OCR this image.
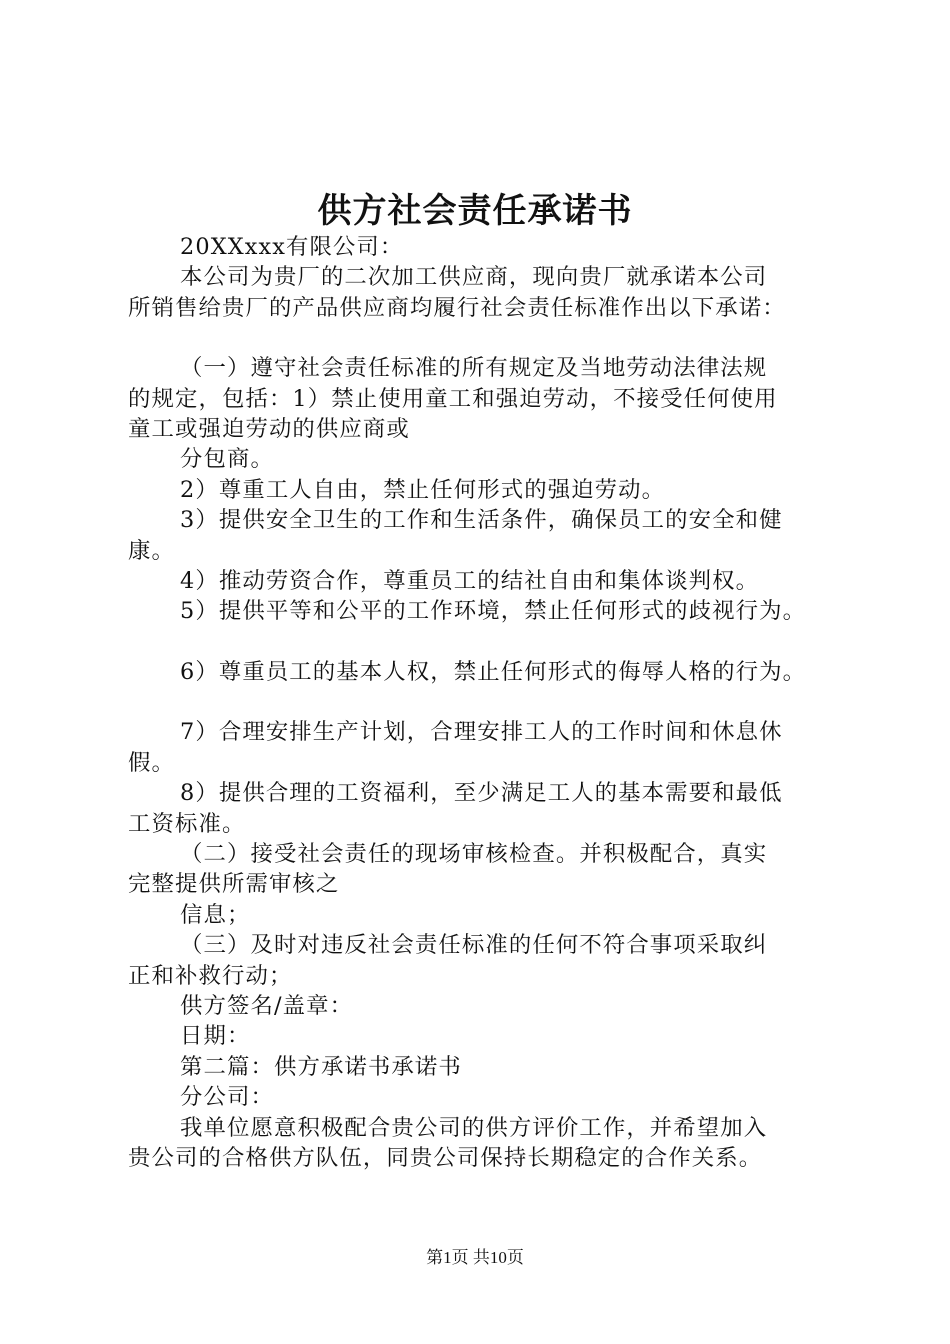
供方社会责任承诺书

20XXxxx有限公司：

本公司为贵厂的二次加工供应商，现向贵厂就承诺本公司

所销售给贵厂的产品供应商均履行社会责任标准作出以下承诺：

（一）遵守社会责任标准的所有规定及当地劳动法律法规

的规定，包括：1）禁止使用童工和强迫劳动，不接受任何使用

童工或强迫劳动的供应商或

分包商。

2）尊重工人自由，禁止任何形式的强迫劳动。

3）提供安全卫生的工作和生活条件，确保员工的安全和健

康。

4）推动劳资合作，尊重员工的结社自由和集体谈判权。

5）提供平等和公平的工作环境，禁止任何形式的歧视行为。

6）尊重员工的基本人权，禁止任何形式的侮辱人格的行为。

7）合理安排生产计划，合理安排工人的工作时间和休息休

假。

8）提供合理的工资福利，至少满足工人的基本需要和最低

工资标准。

（二）接受社会责任的现场审核检查。并积极配合，真实

完整提供所需审核之

信息；

（三）及时对违反社会责任标准的任何不符合事项采取纠

正和补救行动；

供方签名/盖章：

日期：

第二篇：供方承诺书承诺书

分公司：

我单位愿意积极配合贵公司的供方评价工作，并希望加入

贵公司的合格供方队伍，同贵公司保持长期稳定的合作关系。

第1页 共10页
